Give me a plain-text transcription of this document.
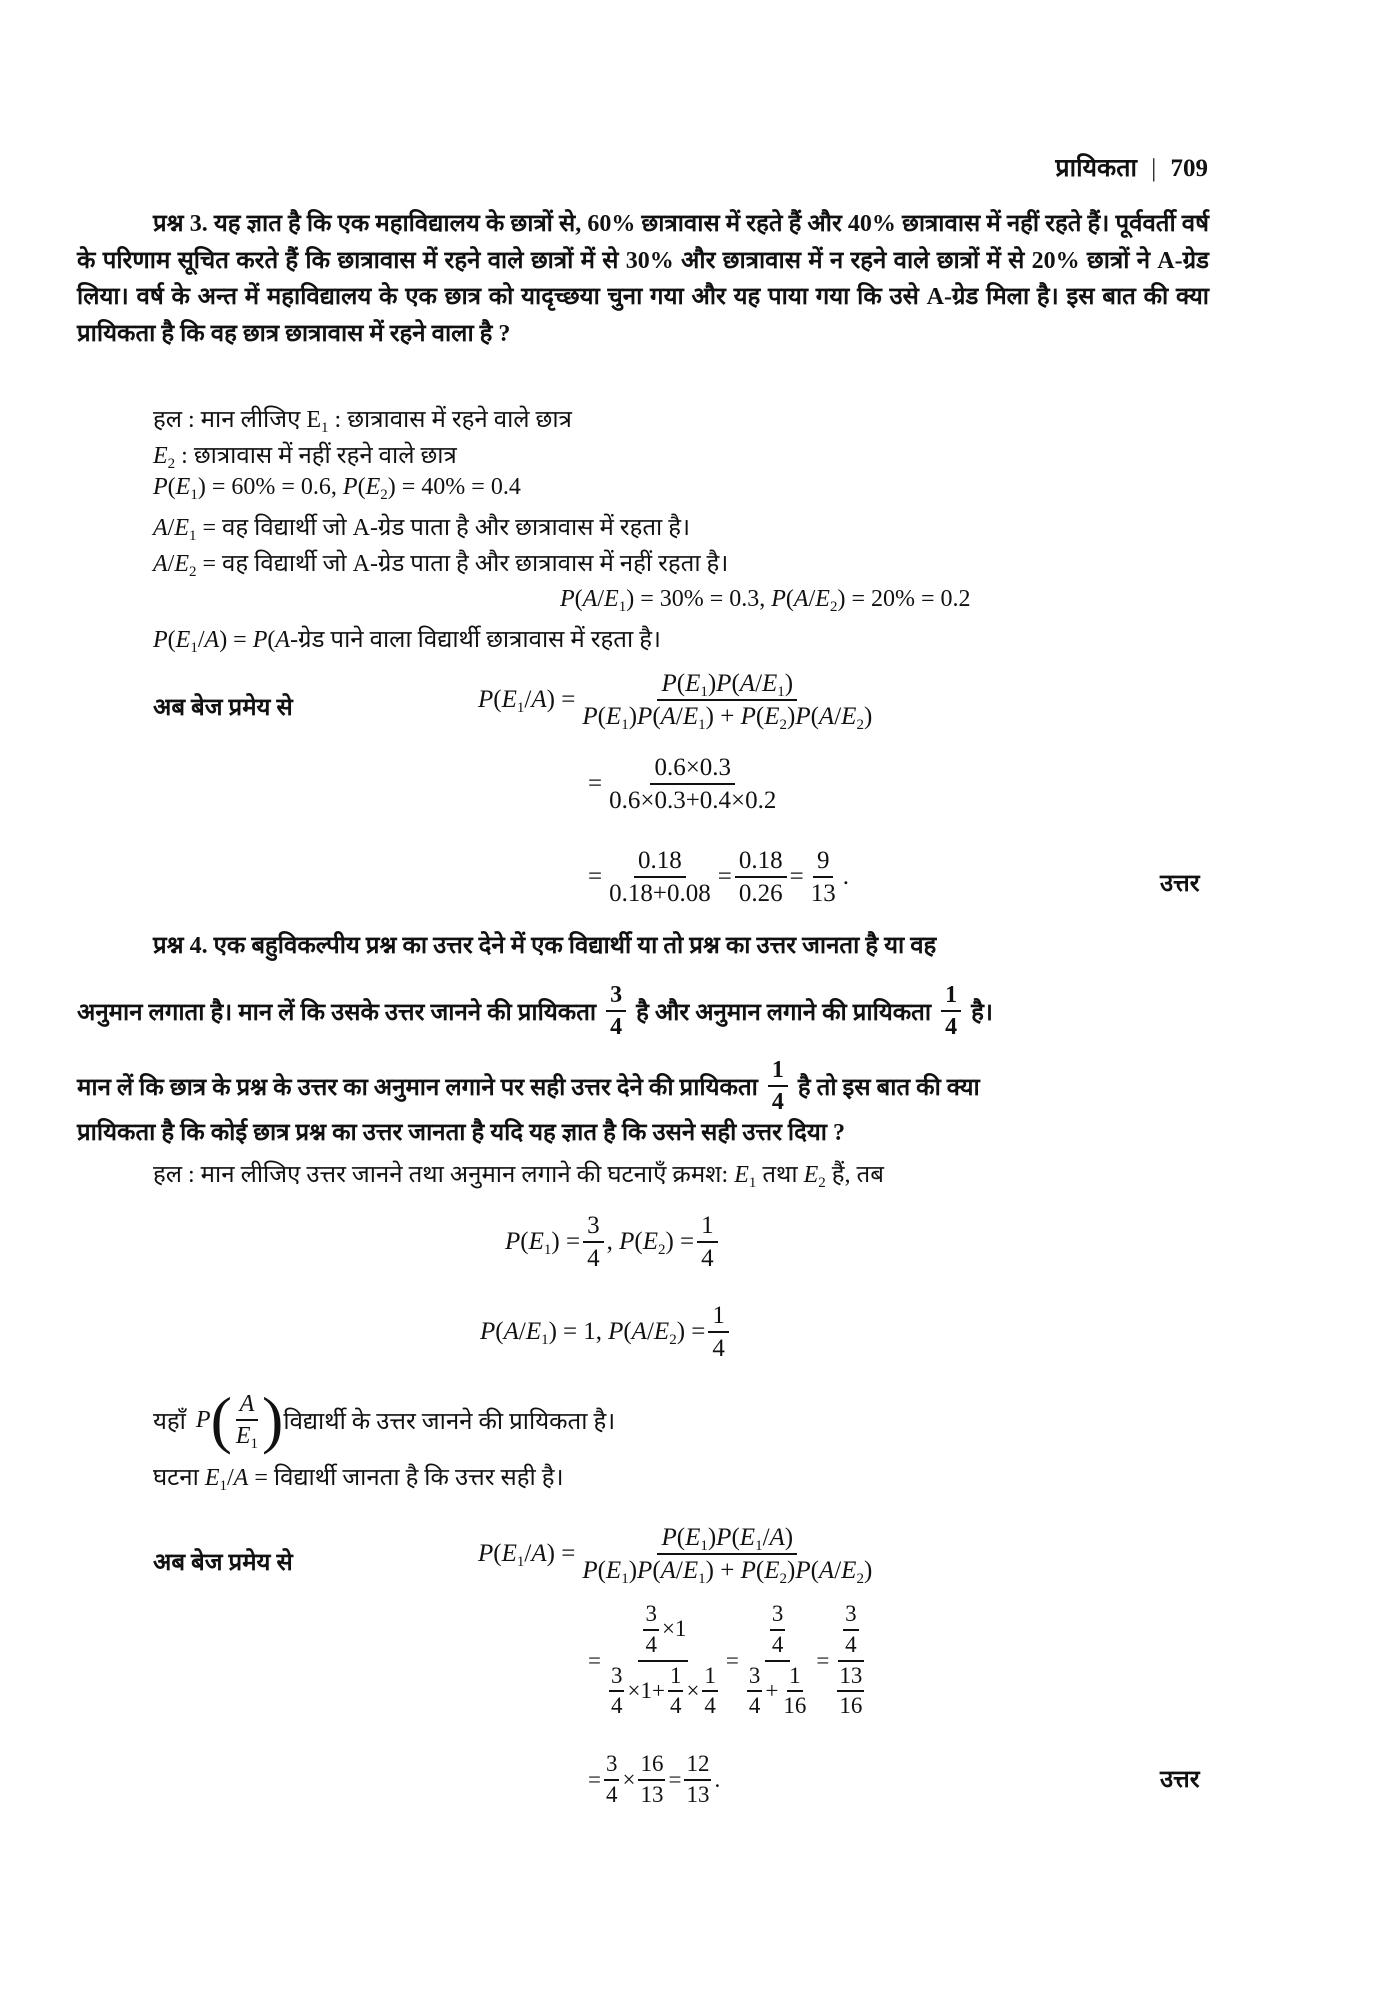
प्रायिकता | 709
प्रश्न 3. यह ज्ञात है कि एक महाविद्यालय के छात्रों से, 60% छात्रावास में रहते हैं और 40% छात्रावास में नहीं रहते हैं। पूर्ववर्ती वर्ष के परिणाम सूचित करते हैं कि छात्रावास में रहने वाले छात्रों में से 30% और छात्रावास में न रहने वाले छात्रों में से 20% छात्रों ने A-ग्रेड लिया। वर्ष के अन्त में महाविद्यालय के एक छात्र को यादृच्छया चुना गया और यह पाया गया कि उसे A-ग्रेड मिला है। इस बात की क्या प्रायिकता है कि वह छात्र छात्रावास में रहने वाला है ?
हल : मान लीजिए $E_1$ : छात्रावास में रहने वाले छात्र
$E_2$ : छात्रावास में नहीं रहने वाले छात्र
$P(E_1) = 60\% = 0.6$, $P(E_2) = 40\% = 0.4$
$A/E_1$ = वह विद्यार्थी जो A-ग्रेड पाता है और छात्रावास में रहता है।
$A/E_2$ = वह विद्यार्थी जो A-ग्रेड पाता है और छात्रावास में नहीं रहता है।
$P(A/E_1) = 30\% = 0.3$, $P(A/E_2) = 20\% = 0.2$
$P(E_1/A)$ = P(A-ग्रेड पाने वाला विद्यार्थी छात्रावास में रहता है।
अब बेज प्रमेय से	$P(E_1/A) = \frac{P(E_1)P(A/E_1)}{P(E_1)P(A/E_1) + P(E_2)P(A/E_2)}$
= $\frac{0.6\times 0.3}{0.6\times 0.3+0.4\times 0.2}$
= $\frac{0.18}{0.18+0.08} = \frac{0.18}{0.26} = \frac{9}{13}$ .	उत्तर
प्रश्न 4.
एक बहुविकल्पीय प्रश्न का उत्तर देने में एक विद्यार्थी या तो प्रश्न का उत्तर जानता है या वह
अनुमान लगाता है। मान लें कि उसके उत्तर जानने की प्रायिकता $\frac{3}{4}$ है और अनुमान लगाने की प्रायिकता $\frac{1}{4}$ है।
मान लें कि छात्र के प्रश्न के उत्तर का अनुमान लगाने पर सही उत्तर देने की प्रायिकता $\frac{1}{4}$ है तो इस बात की क्या
प्रायिकता है कि कोई छात्र प्रश्न का उत्तर जानता है यदि यह ज्ञात है कि उसने सही उत्तर दिया ?
हल : मान लीजिए उत्तर जानने तथा अनुमान लगाने की घटनाएँ क्रमश: $E_1$ तथा $E_2$ हैं, तब
$P(E_1) = \frac{3}{4}$ , $P(E_2) = \frac{1}{4}$
$P(A/E_1) = 1$, $P(A/E_2) = \frac{1}{4}$
यहाँ P ( $\frac{A}{E_1}$ ) विद्यार्थी के उत्तर जानने की प्रायिकता है।
घटना $E_1/A$ = विद्यार्थी जानता है कि उत्तर सही है।
अब बेज प्रमेय से	$P(E_1/A) = \frac{P(E_1)P(E_1/A)}{P(E_1)P(A/E_1) + P(E_2)P(A/E_2)}$
= $\frac{\frac{3}{4} \times 1}{\frac{3}{4} \times 1+ \frac{1}{4} \times \frac{1}{4}} = \frac{\frac{3}{4}}{\frac{3}{4} + \frac{1}{16}} = \frac{\frac{3}{4}}{\frac{13}{16}}$
= $\frac{3}{4} \times \frac{16}{13} = \frac{12}{13}$ .	उत्तर
